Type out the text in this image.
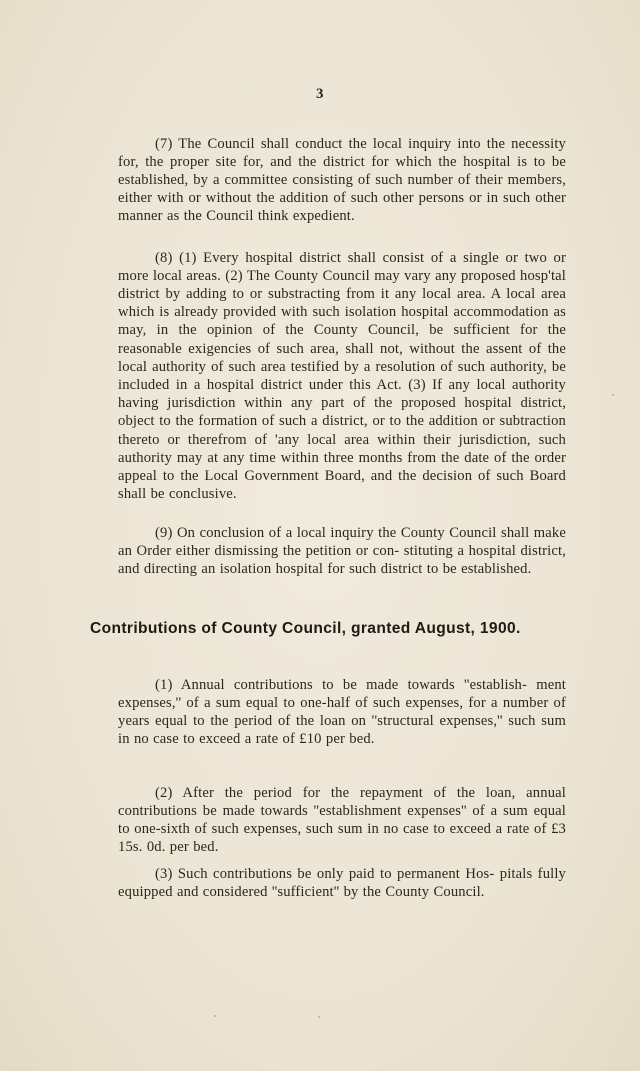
3

(7) The Council shall conduct the local inquiry into the necessity for, the proper site for, and the district for which the hospital is to be established, by a committee consisting of such number of their members, either with or without the addition of such other persons or in such other manner as the Council think expedient.

(8) (1) Every hospital district shall consist of a single or two or more local areas. (2) The County Council may vary any proposed hosp'tal district by adding to or substracting from it any local area. A local area which is already provided with such isolation hospital accommodation as may, in the opinion of the County Council, be sufficient for the reasonable exigencies of such area, shall not, without the assent of the local authority of such area testified by a resolution of such authority, be included in a hospital district under this Act. (3) If any local authority having jurisdiction within any part of the proposed hospital district, object to the formation of such a district, or to the addition or subtraction thereto or therefrom of 'any local area within their jurisdiction, such authority may at any time within three months from the date of the order appeal to the Local Government Board, and the decision of such Board shall be conclusive.

(9) On conclusion of a local inquiry the County Council shall make an Order either dismissing the petition or con- stituting a hospital district, and directing an isolation hospital for such district to be established.

Contributions of County Council, granted August, 1900.

(1) Annual contributions to be made towards ''establish- ment expenses,'' of a sum equal to one-half of such expenses, for a number of years equal to the period of the loan on ''structural expenses,'' such sum in no case to exceed a rate of £10 per bed.

(2) After the period for the repayment of the loan, annual contributions be made towards ''establishment expenses'' of a sum equal to one-sixth of such expenses, such sum in no case to exceed a rate of £3 15s. 0d. per bed.

(3) Such contributions be only paid to permanent Hos- pitals fully equipped and considered ''sufficient'' by the County Council.
